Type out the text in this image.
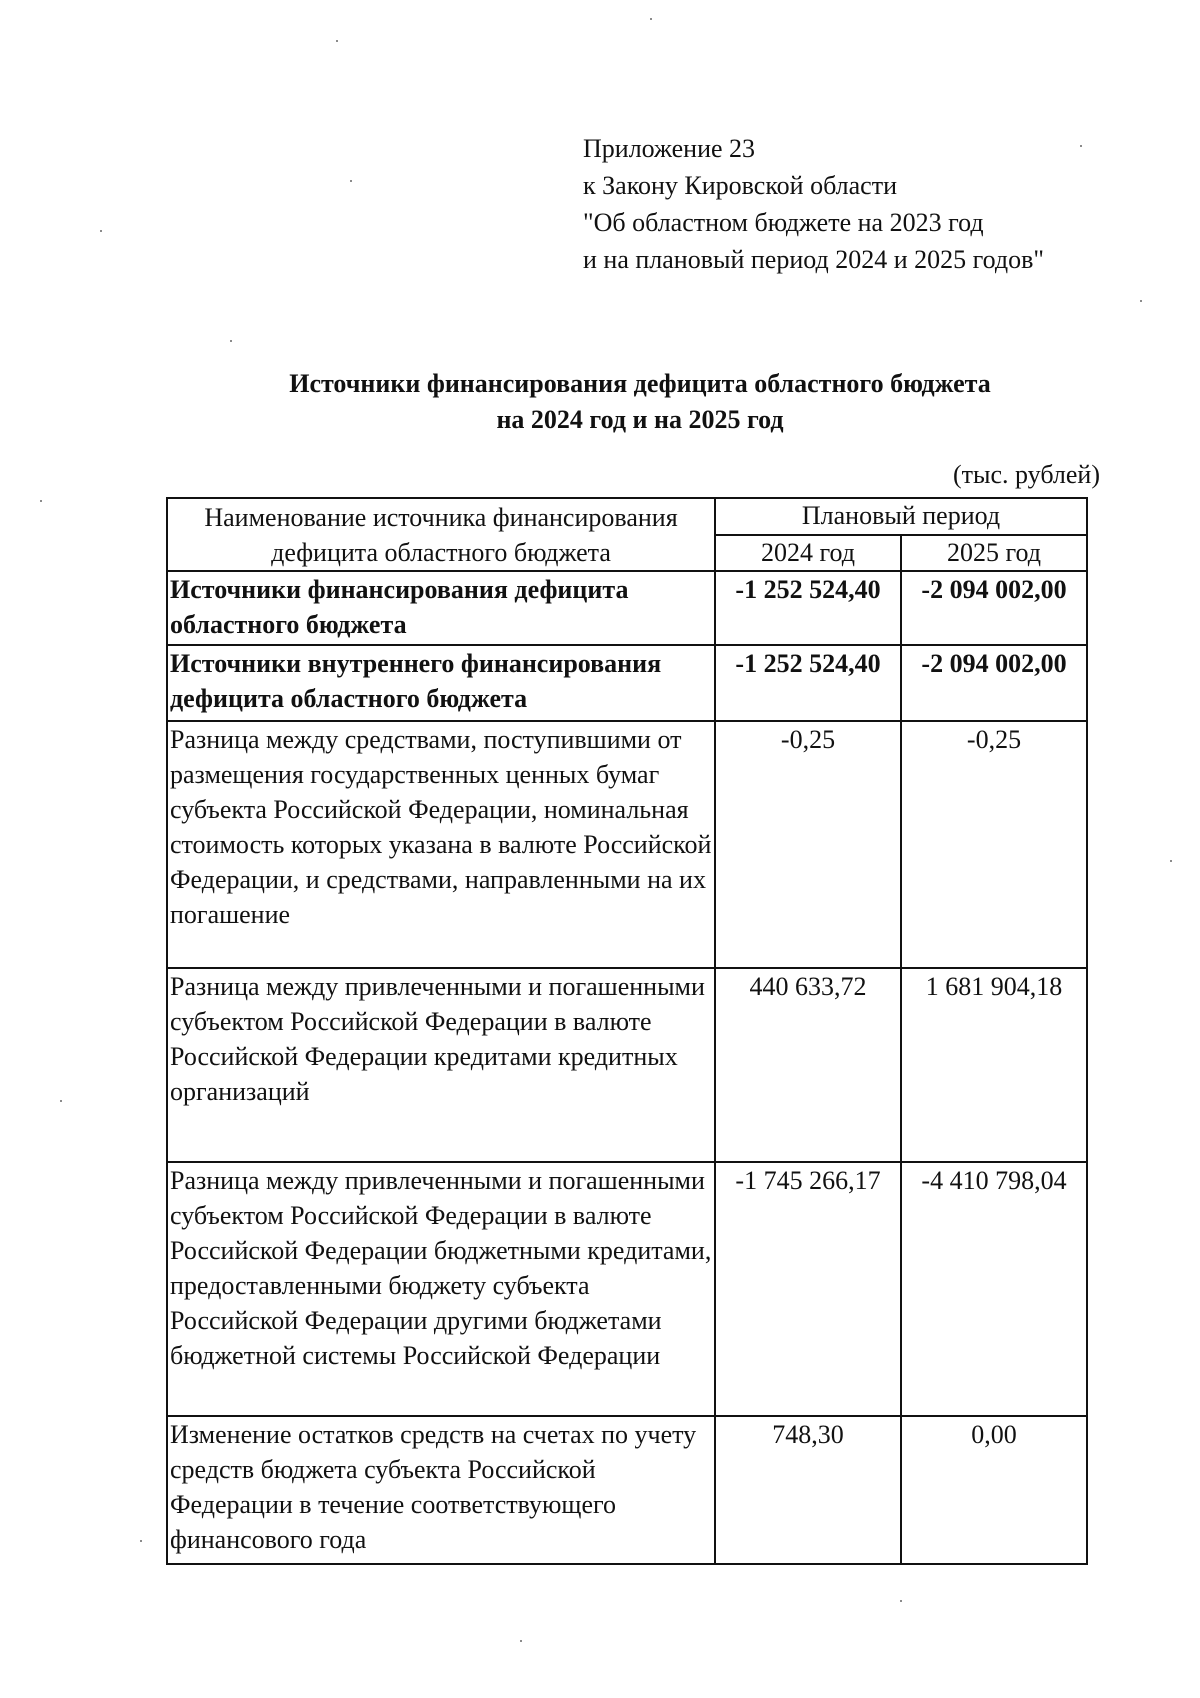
Приложение 23
к Закону Кировской области
"Об областном бюджете на 2023 год
и на плановый период 2024 и 2025 годов"
Источники финансирования дефицита областного бюджета
на 2024 год и на 2025 год
(тыс. рублей)
Наименование источника финансирования дефицита областного бюджета	Плановый период	
	2024 год	2025 год
Источники финансирования дефицита областного бюджета	-1 252 524,40	-2 094 002,00
Источники внутреннего финансирования дефицита областного бюджета	-1 252 524,40	-2 094 002,00
Разница между средствами, поступившими от размещения государственных ценных бумаг субъекта Российской Федерации, номинальная стоимость которых указана в валюте Российской Федерации, и средствами, направленными на их погашение	-0,25	-0,25
Разница между привлеченными и погашенными субъектом Российской Федерации в валюте Российской Федерации кредитами кредитных организаций	440 633,72	1 681 904,18
Разница между привлеченными и погашенными субъектом Российской Федерации в валюте Российской Федерации бюджетными кредитами, предоставленными бюджету субъекта Российской Федерации другими бюджетами бюджетной системы Российской Федерации	-1 745 266,17	-4 410 798,04
Изменение остатков средств на счетах по учету средств бюджета субъекта Российской Федерации в течение соответствующего финансового года	748,30	0,00
